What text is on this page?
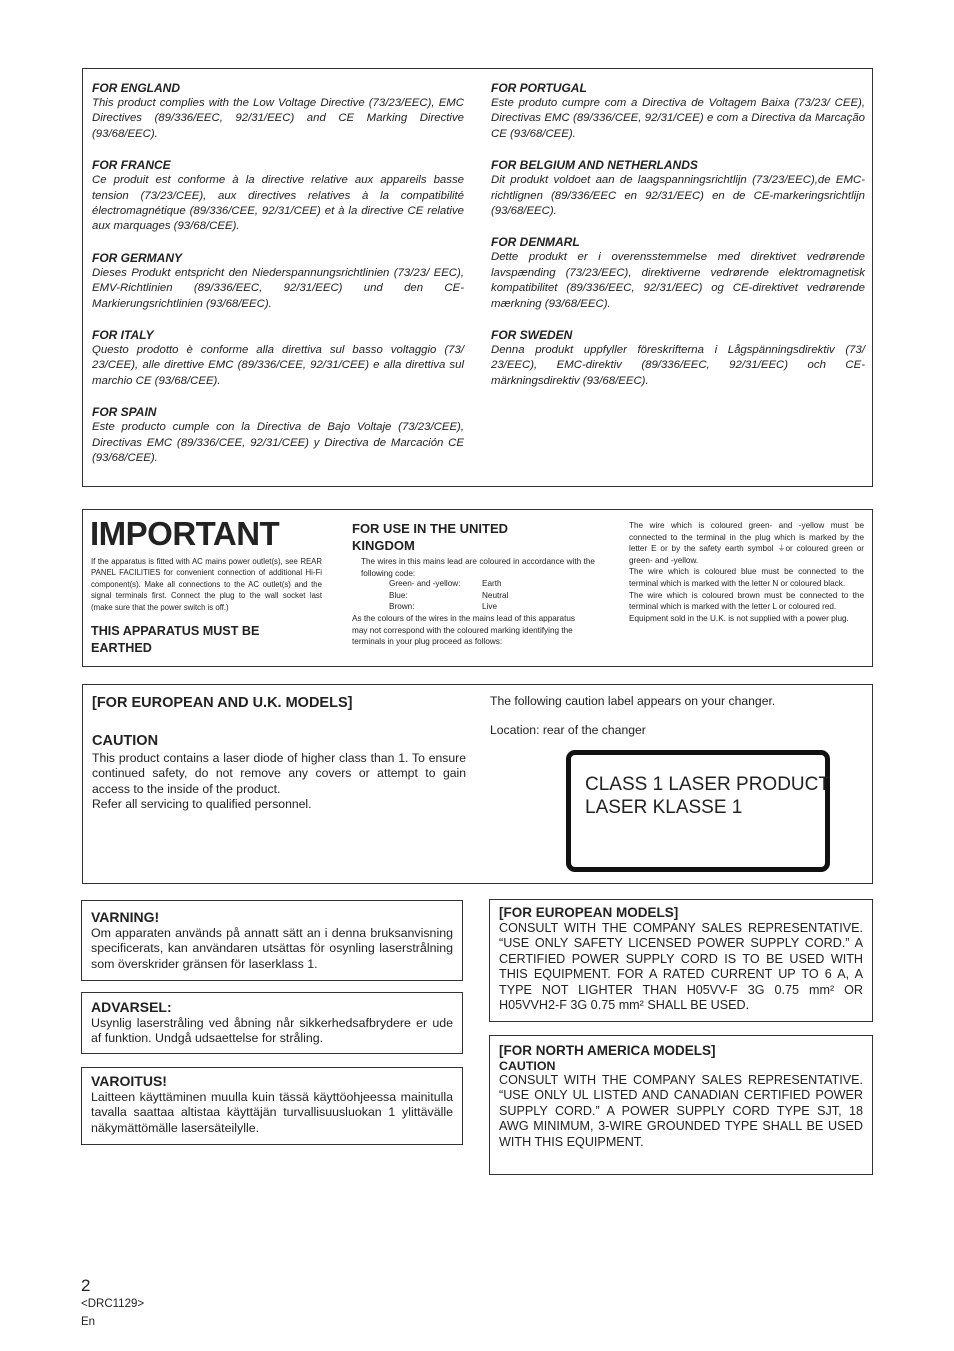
FOR ENGLAND
This product complies with the Low Voltage Directive (73/23/EEC), EMC Directives (89/336/EEC, 92/31/EEC) and CE Marking Directive (93/68/EEC).
FOR FRANCE
Ce produit est conforme à la directive relative aux appareils basse tension (73/23/CEE), aux directives relatives à la compatibilité électromagnétique (89/336/CEE, 92/31/CEE) et à la directive CE relative aux marquages (93/68/CEE).
FOR GERMANY
Dieses Produkt entspricht den Niederspannungsrichtlinien (73/23/ EEC), EMV-Richtlinien (89/336/EEC, 92/31/EEC) und den CE-Markierungsrichtlinien (93/68/EEC).
FOR ITALY
Questo prodotto è conforme alla direttiva sul basso voltaggio (73/ 23/CEE), alle direttive EMC (89/336/CEE, 92/31/CEE) e alla direttiva sul marchio CE (93/68/CEE).
FOR SPAIN
Este producto cumple con la Directiva de Bajo Voltaje (73/23/CEE), Directivas EMC (89/336/CEE, 92/31/CEE) y Directiva de Marcación CE (93/68/CEE).
FOR PORTUGAL
Este produto cumpre com a Directiva de Voltagem Baixa (73/23/ CEE), Directivas EMC (89/336/CEE, 92/31/CEE) e com a Directiva da Marcação CE (93/68/CEE).
FOR BELGIUM AND NETHERLANDS
Dit produkt voldoet aan de laagspanningsrichtlijn (73/23/EEC),de EMC-richtlignen (89/336/EEC en 92/31/EEC) en de CE-markeringsrichtlijn (93/68/EEC).
FOR DENMARL
Dette produkt er i overensstemmelse med direktivet vedrørende lavspænding (73/23/EEC), direktiverne vedrørende elektromagnetisk kompatibilitet (89/336/EEC, 92/31/EEC) og CE-direktivet vedrørende mærkning (93/68/EEC).
FOR SWEDEN
Denna produkt uppfyller föreskrifterna i Lågspänningsdirektiv (73/ 23/EEC), EMC-direktiv (89/336/EEC, 92/31/EEC) och CE-märkningsdirektiv (93/68/EEC).
IMPORTANT
If the apparatus is fitted with AC mains power outlet(s), see REAR PANEL FACILITIES for convenient connection of additional Hi-Fi component(s). Make all connections to the AC outlet(s) and the signal terminals first. Connect the plug to the wall socket last (make sure that the power switch is off.)
THIS APPARATUS MUST BE EARTHED
FOR USE IN THE UNITED KINGDOM
The wires in this mains lead are coloured in accordance with the following code:
Green- and -yellow:	Earth
Blue:	Neutral
Brown:	Live
As the colours of the wires in the mains lead of this apparatus may not correspond with the coloured marking identifying the terminals in your plug proceed as follows:
The wire which is coloured green- and -yellow must be connected to the terminal in the plug which is marked by the letter E or by the safety earth symbol ⏚or coloured green or green- and -yellow.
The wire which is coloured blue must be connected to the terminal which is marked with the letter N or coloured black.
The wire which is coloured brown must be connected to the terminal which is marked with the letter L or coloured red.
Equipment sold in the U.K. is not supplied with a power plug.
[FOR EUROPEAN AND U.K. MODELS]
CAUTION
This product contains a laser diode of higher class than 1. To ensure continued safety, do not remove any covers or attempt to gain access to the inside of the product.
Refer all servicing to qualified personnel.
The following caution label appears on your changer.
Location: rear of the changer
CLASS 1 LASER PRODUCT
LASER KLASSE 1
VARNING!
Om apparaten används på annatt sätt an i denna bruksanvisning specificerats, kan användaren utsättas för osynling laserstrålning som överskrider gränsen för laserklass 1.
ADVARSEL:
Usynlig laserstråling ved åbning når sikkerhedsafbrydere er ude af funktion. Undgå udsaettelse for stråling.
VAROITUS!
Laitteen käyttäminen muulla kuin tässä käyttöohjeessa mainitulla tavalla saattaa altistaa käyttäjän turvallisuusluokan 1 ylittävälle näkymättömälle lasersäteilylle.
[FOR EUROPEAN MODELS]
CONSULT WITH THE COMPANY SALES REPRESENTATIVE. “USE ONLY SAFETY LICENSED POWER SUPPLY CORD.” A CERTIFIED POWER SUPPLY CORD IS TO BE USED WITH THIS EQUIPMENT. FOR A RATED CURRENT UP TO 6 A, A TYPE NOT LIGHTER THAN H05VV-F 3G 0.75 mm² OR H05VVH2-F 3G 0.75 mm² SHALL BE USED.
[FOR NORTH AMERICA MODELS]
CAUTION
CONSULT WITH THE COMPANY SALES REPRESENTATIVE. “USE ONLY UL LISTED AND CANADIAN CERTIFIED POWER SUPPLY CORD.” A POWER SUPPLY CORD TYPE SJT, 18 AWG MINIMUM, 3-WIRE GROUNDED TYPE SHALL BE USED WITH THIS EQUIPMENT.
2
<DRC1129>
En
